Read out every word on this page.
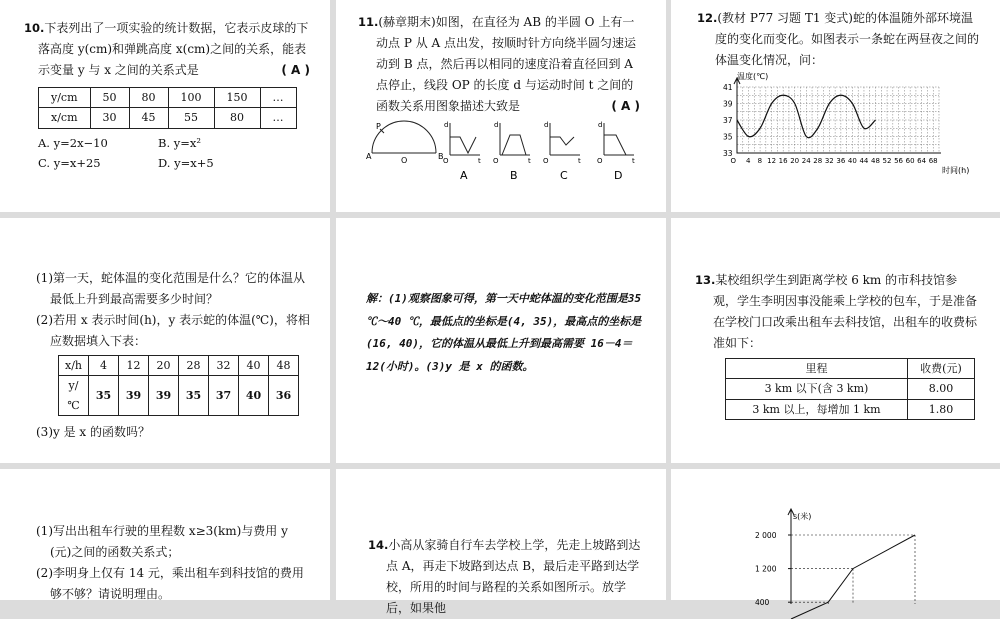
10.下表列出了一项实验的统计数据，它表示皮球的下落高度 y(cm)和弹跳高度 x(cm)之间的关系，能表示变量 y 与 x 之间的关系式是	( A )
y/cm	50	80	100	150	…
x/cm	30	45	55	80	…
A. y=2x−10	B. y=x²
C. y=x+25	D. y=x+5
11.(赫章期末)如图，在直径为 AB 的半圆 O 上有一动点 P 从 A 点出发，按顺时针方向绕半圆匀速运动到 B 点，然后再以相同的速度沿着直径回到 A 点停止，线段 OP 的长度 d 与运动时间 t 之间的函数关系用图象描述大致是	( A )
P
A	O	B
d
t
O
A
d
t
O
B
d
t
O
C
d
t
O
D
12.(教材 P77 习题 T1 变式)蛇的体温随外部环境温度的变化而变化。如图表示一条蛇在两昼夜之间的体温变化情况，问：
温度(℃)
时间(h)
41
39
37
35
33
O 4 8 12 16 20 24 28 32 36 40 44 48 52 56 60 64 68
(1)第一天，蛇体温的变化范围是什么？它的体温从最低上升到最高需要多少时间？
(2)若用 x 表示时间(h)，y 表示蛇的体温(℃)，将相应数据填入下表：
x/h	4	12	20	28	32	40	48
y/℃	35	39	39	35	37	40	36
(3)y 是 x 的函数吗？
解：(1)观察图象可得，第一天中蛇体温的变化范围是35 ℃～40 ℃，最低点的坐标是(4, 35)，最高点的坐标是(16, 40)，它的体温从最低上升到最高需要 16－4＝12(小时)。(3)y 是 x 的函数。
13.某校组织学生到距离学校 6 km 的市科技馆参观，学生李明因事没能乘上学校的包车，于是准备在学校门口改乘出租车去科技馆，出租车的收费标准如下：
里程	收费(元)
3 km 以下(含 3 km)	8.00
3 km 以上，每增加 1 km	1.80
(1)写出出租车行驶的里程数 x≥3(km)与费用 y (元)之间的函数关系式；
(2)李明身上仅有 14 元，乘出租车到科技馆的费用够不够？请说明理由。
14.小高从家骑自行车去学校上学，先走上坡路到达点 A，再走下坡路到达点 B，最后走平路到达学校，所用的时间与路程的关系如图所示。放学后，如果他
s(米)
2 000
1 200
400
